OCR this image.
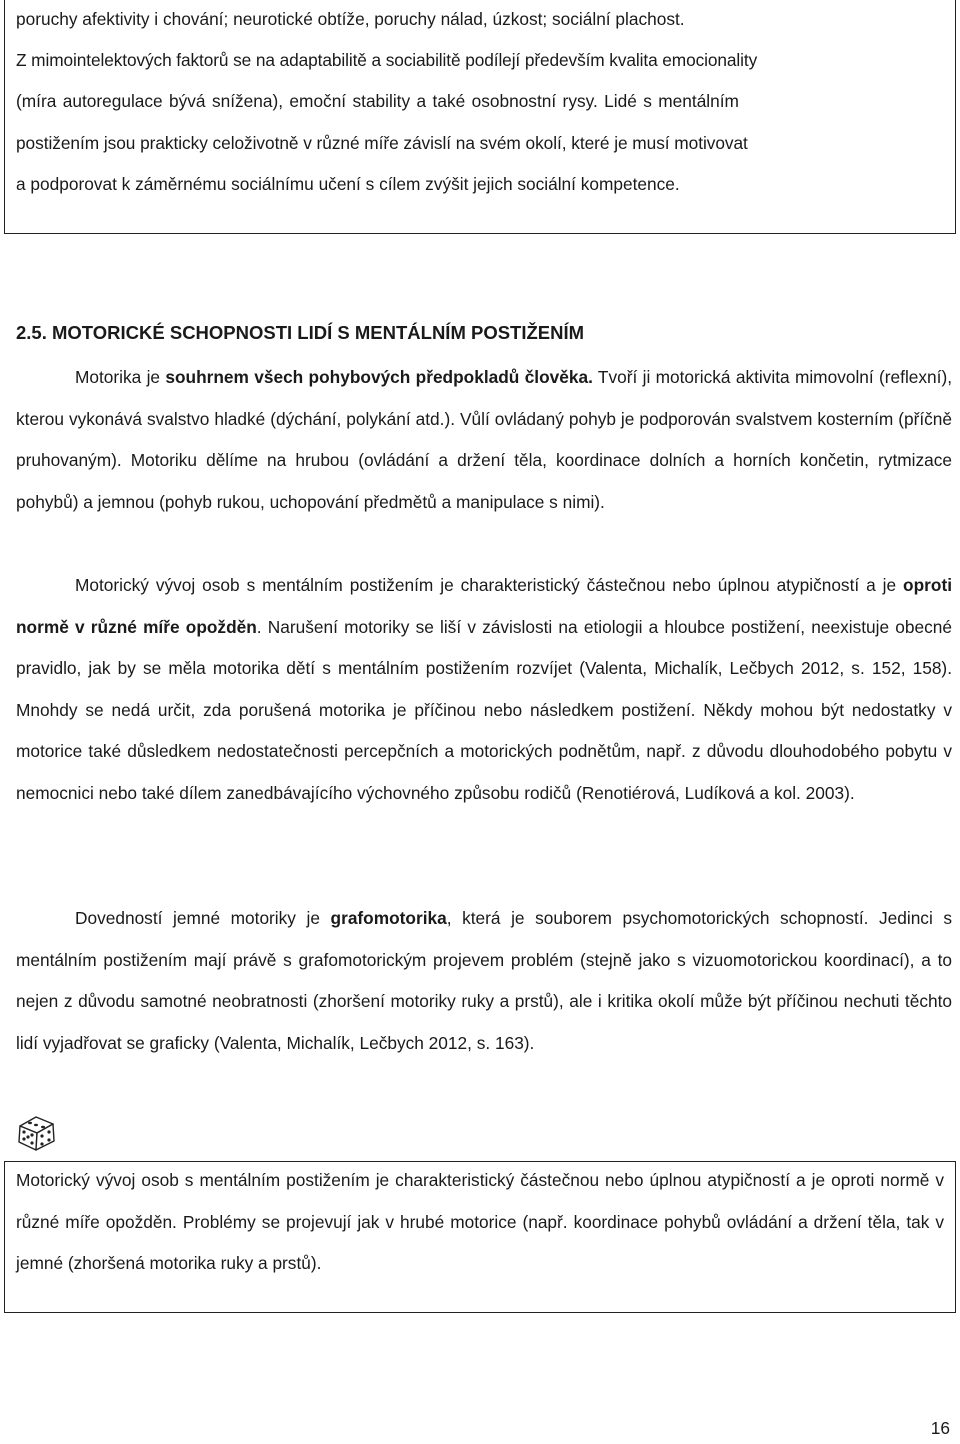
poruchy afektivity i chování; neurotické obtíže, poruchy nálad, úzkost; sociální plachost.

Z mimointelektových faktorů se na adaptabilitě a sociabilitě podílejí především kvalita emocionality

(míra autoregulace bývá snížena), emoční stability a také osobnostní rysy. Lidé s mentálním

postižením jsou prakticky celoživotně v různé míře závislí na svém okolí, které je musí motivovat

a podporovat k záměrnému sociálnímu učení s cílem zvýšit jejich sociální kompetence.

2.5. MOTORICKÉ SCHOPNOSTI LIDÍ S MENTÁLNÍM POSTIŽENÍM

Motorika je souhrnem všech pohybových předpokladů člověka. Tvoří ji motorická aktivita mimovolní (reflexní), kterou vykonává svalstvo hladké (dýchání, polykání atd.). Vůlí ovládaný pohyb je podporován svalstvem kosterním (příčně pruhovaným). Motoriku dělíme na hrubou (ovládání a držení těla, koordinace dolních a horních končetin, rytmizace pohybů) a jemnou (pohyb rukou, uchopování předmětů a manipulace s nimi).

Motorický vývoj osob s mentálním postižením je charakteristický částečnou nebo úplnou atypičností a je oproti normě v různé míře opožděn. Narušení motoriky se liší v závislosti na etiologii a hloubce postižení, neexistuje obecné pravidlo, jak by se měla motorika dětí s mentálním postižením rozvíjet (Valenta, Michalík, Lečbych 2012, s. 152, 158). Mnohdy se nedá určit, zda porušená motorika je příčinou nebo následkem postižení. Někdy mohou být nedostatky v motorice také důsledkem nedostatečnosti percepčních a motorických podnětům, např. z důvodu dlouhodobého pobytu v nemocnici nebo také dílem zanedbávajícího výchovného způsobu rodičů (Renotiérová, Ludíková a kol. 2003).

Dovedností jemné motoriky je grafomotorika, která je souborem psychomotorických schopností. Jedinci s mentálním postižením mají právě s grafomotorickým projevem problém (stejně jako s vizuomotorickou koordinací), a to nejen z důvodu samotné neobratnosti (zhoršení motoriky ruky a prstů), ale i kritika okolí může být příčinou nechuti těchto lidí vyjadřovat se graficky (Valenta, Michalík, Lečbych 2012, s. 163).

Motorický vývoj osob s mentálním postižením je charakteristický částečnou nebo úplnou atypičností a je oproti normě v různé míře opožděn. Problémy se projevují jak v hrubé motorice (např. koordinace pohybů ovládání a držení těla, tak v jemné (zhoršená motorika ruky a prstů).

16
